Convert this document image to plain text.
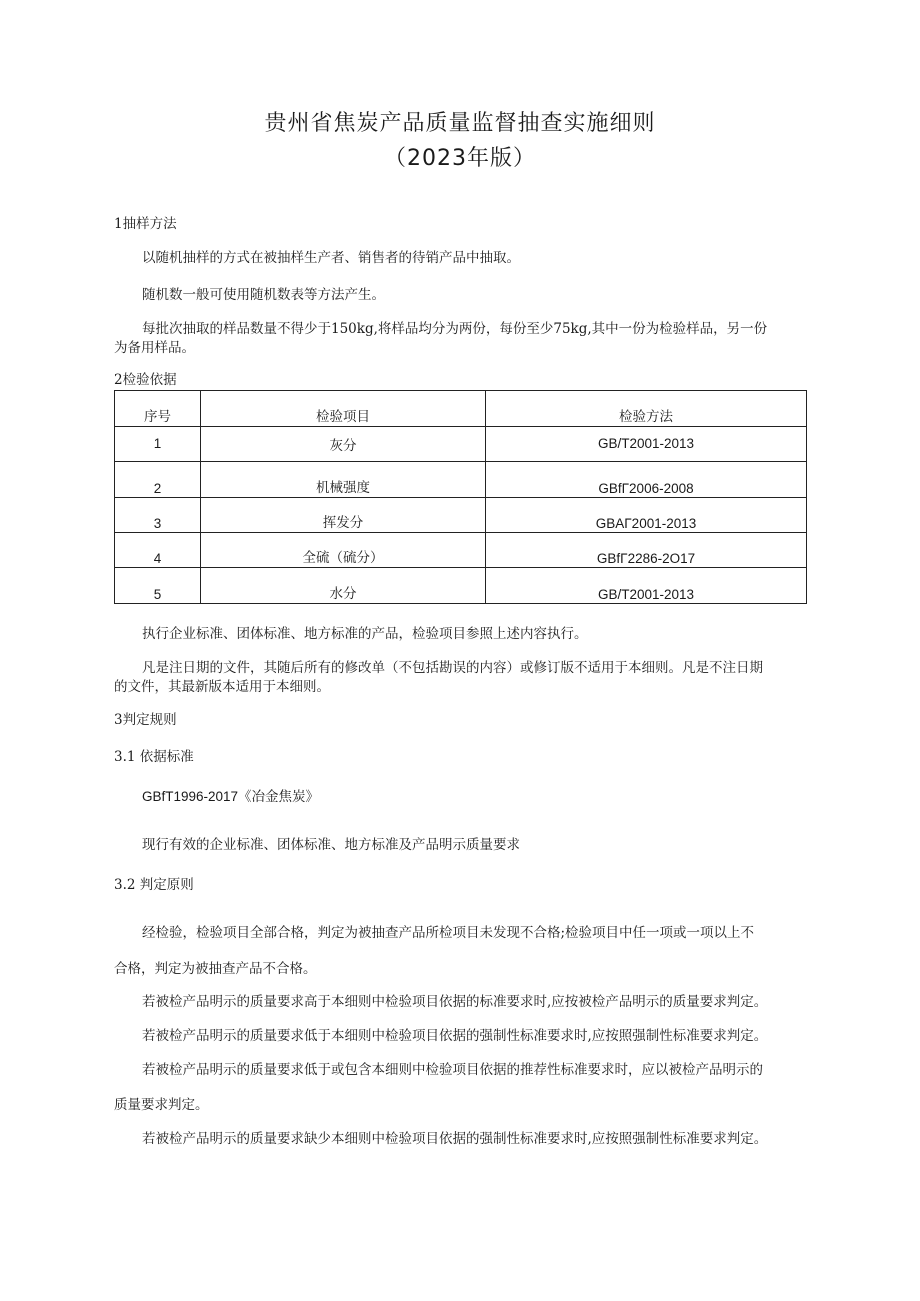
贵州省焦炭产品质量监督抽查实施细则
（2023年版）
1抽样方法
以随机抽样的方式在被抽样生产者、销售者的待销产品中抽取。
随机数一般可使用随机数表等方法产生。
每批次抽取的样品数量不得少于150kg,将样品均分为两份，每份至少75kg,其中一份为检验样品，另一份
为备用样品。
2检验依据
序号	检验项目	检验方法
1	灰分	GB/T2001-2013
2	机械强度	GBfΓ2006-2008
3	挥发分	GBAΓ2001-2013
4	全硫（硫分）	GBfΓ2286-2O17
5	水分	GB/T2001-2013
执行企业标准、团体标准、地方标准的产品，检验项目参照上述内容执行。
凡是注日期的文件，其随后所有的修改单（不包括勘误的内容）或修订版不适用于本细则。凡是不注日期
的文件，其最新版本适用于本细则。
3判定规则
3.1 依据标准
GBfT1996-2017《冶金焦炭》
现行有效的企业标准、团体标准、地方标准及产品明示质量要求
3.2 判定原则
经检验，检验项目全部合格，判定为被抽查产品所检项目未发现不合格;检验项目中任一项或一项以上不
合格，判定为被抽查产品不合格。
若被检产品明示的质量要求高于本细则中检验项目依据的标准要求时,应按被检产品明示的质量要求判定。
若被检产品明示的质量要求低于本细则中检验项目依据的强制性标准要求时,应按照强制性标准要求判定。
若被检产品明示的质量要求低于或包含本细则中检验项目依据的推荐性标准要求时，应以被检产品明示的
质量要求判定。
若被检产品明示的质量要求缺少本细则中检验项目依据的强制性标准要求时,应按照强制性标准要求判定。
